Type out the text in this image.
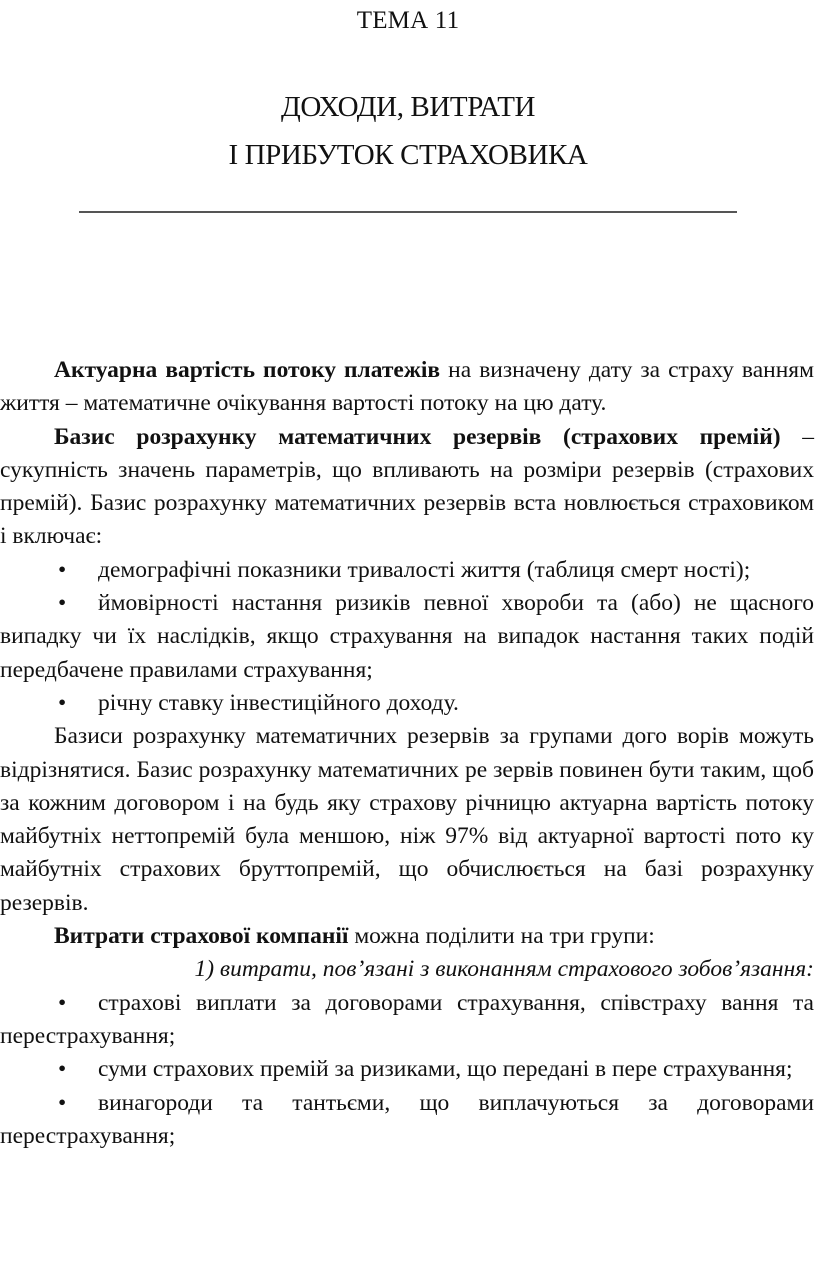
ТЕМА 11
ДОХОДИ, ВИТРАТИ
І ПРИБУТОК СТРАХОВИКА

Актуарна вартість потоку платежів на визначену дату за страху ванням життя – математичне очікування вартості потоку на цю дату.

Базис розрахунку математичних резервів (страхових премій) – сукупність значень параметрів, що впливають на розміри резервів (страхових премій). Базис розрахунку математичних резервів вста новлюється страховиком і включає:

• демографічні показники тривалості життя (таблиця смерт ності);

• ймовірності настання ризиків певної хвороби та (або) не щасного випадку чи їх наслідків, якщо страхування на випадок настання таких подій передбачене правилами страхування;

• річну ставку інвестиційного доходу.

Базиси розрахунку математичних резервів за групами дого ворів можуть відрізнятися. Базис розрахунку математичних ре зервів повинен бути таким, щоб за кожним договором і на будь яку страхову річницю актуарна вартість потоку майбутніх неттопремій була меншою, ніж 97% від актуарної вартості пото ку майбутніх страхових бруттопремій, що обчислюється на базі розрахунку резервів.

Витрати страхової компанії можна поділити на три групи:

1) витрати, пов’язані з виконанням страхового зобов’язання:

• страхові виплати за договорами страхування, співстраху вання та перестрахування;

• суми страхових премій за ризиками, що передані в пере страхування;

• винагороди та тантьєми, що виплачуються за договорами перестрахування;
